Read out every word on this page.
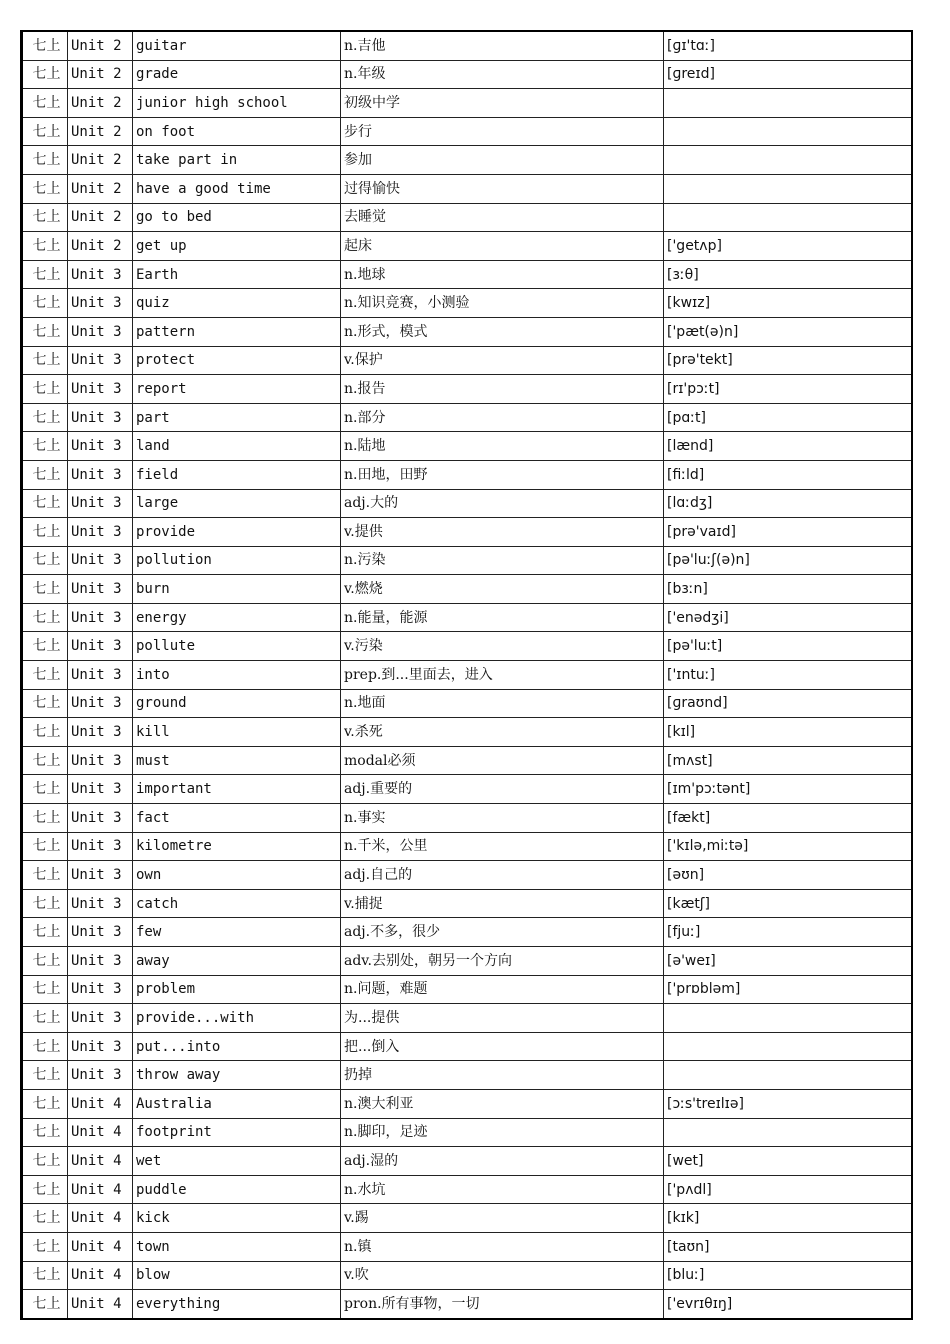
七上	Unit 2	guitar	n.吉他	[ɡɪ'tɑː]
七上	Unit 2	grade	n.年级	[ɡreɪd]
七上	Unit 2	junior high school	初级中学	
七上	Unit 2	on foot	步行	
七上	Unit 2	take part in	参加	
七上	Unit 2	have a good time	过得愉快	
七上	Unit 2	go to bed	去睡觉	
七上	Unit 2	get up	起床	['getʌp]
七上	Unit 3	Earth	n.地球	[ɜːθ]
七上	Unit 3	quiz	n.知识竞赛，小测验	[kwɪz]
七上	Unit 3	pattern	n.形式，模式	['pæt(ə)n]
七上	Unit 3	protect	v.保护	[prə'tekt]
七上	Unit 3	report	n.报告	[rɪ'pɔːt]
七上	Unit 3	part	n.部分	[pɑːt]
七上	Unit 3	land	n.陆地	[lænd]
七上	Unit 3	field	n.田地，田野	[fiːld]
七上	Unit 3	large	adj.大的	[lɑːdʒ]
七上	Unit 3	provide	v.提供	[prə'vaɪd]
七上	Unit 3	pollution	n.污染	[pə'luːʃ(ə)n]
七上	Unit 3	burn	v.燃烧	[bɜːn]
七上	Unit 3	energy	n.能量，能源	['enədʒi]
七上	Unit 3	pollute	v.污染	[pə'luːt]
七上	Unit 3	into	prep.到...里面去，进入	['ɪntuː]
七上	Unit 3	ground	n.地面	[ɡraʊnd]
七上	Unit 3	kill	v.杀死	[kɪl]
七上	Unit 3	must	modal必须	[mʌst]
七上	Unit 3	important	adj.重要的	[ɪm'pɔːtənt]
七上	Unit 3	fact	n.事实	[fækt]
七上	Unit 3	kilometre	n.千米，公里	['kɪlə,miːtə]
七上	Unit 3	own	adj.自己的	[əʊn]
七上	Unit 3	catch	v.捕捉	[kætʃ]
七上	Unit 3	few	adj.不多，很少	[fjuː]
七上	Unit 3	away	adv.去别处，朝另一个方向	[ə'weɪ]
七上	Unit 3	problem	n.问题，难题	['prɒbləm]
七上	Unit 3	provide...with	为...提供	
七上	Unit 3	put...into	把...倒入	
七上	Unit 3	throw away	扔掉	
七上	Unit 4	Australia	n.澳大利亚	[ɔːs'treɪlɪə]
七上	Unit 4	footprint	n.脚印，足迹	
七上	Unit 4	wet	adj.湿的	[wet]
七上	Unit 4	puddle	n.水坑	['pʌdl]
七上	Unit 4	kick	v.踢	[kɪk]
七上	Unit 4	town	n.镇	[taʊn]
七上	Unit 4	blow	v.吹	[bluː]
七上	Unit 4	everything	pron.所有事物，一切	['evrɪθɪŋ]
